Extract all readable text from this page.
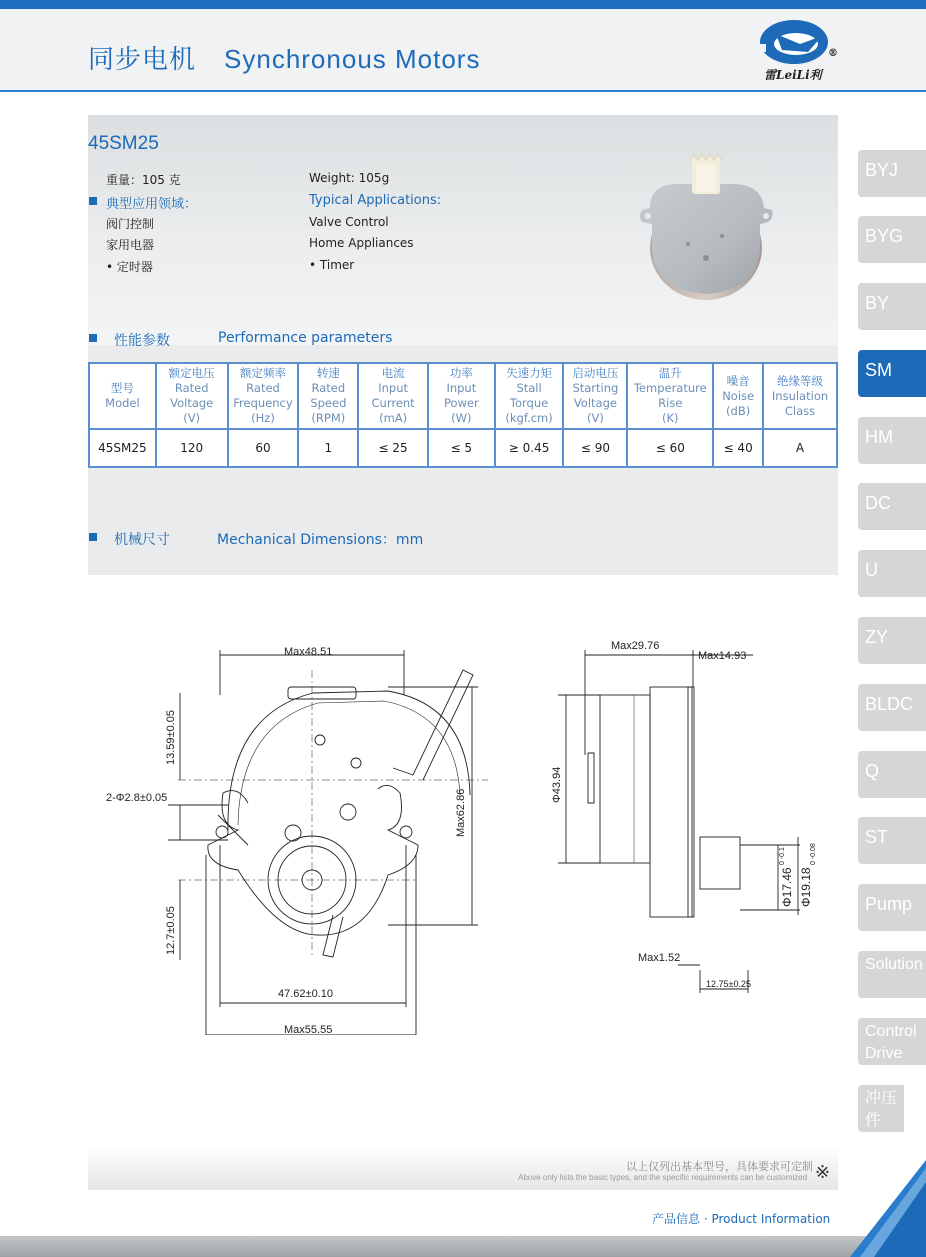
同步电机 Synchronous Motors
雷LeiLi利
®
45SM25
重量：105 克	Weight: 105g
典型应用领域：	Typical Applications:
阀门控制
家用电器
• 定时器
Valve Control
Home Appliances
• Timer
性能参数	Performance parameters
型号
Model	额定电压
Rated
Voltage
(V)	额定频率
Rated
Frequency
(Hz)	转速
Rated
Speed
(RPM)	电流
Input
Current
(mA)	功率
Input
Power
(W)	失速力矩
Stall
Torque
(kgf.cm)	启动电压
Starting
Voltage
(V)	温升
Temperature
Rise
(K)	噪音
Noise
(dB)	绝缘等级
Insulation
Class

45SM25	120	60	1	≤ 25	≤ 5	≥ 0.45	≤ 90	≤ 60	≤ 40	A
机械尺寸	Mechanical Dimensions：mm
Max48.51
Max62.86
47.62±0.10
Max55.55
13.59±0.05
2-Φ2.8±0.05
12.7±0.05
Max29.76
Max14.93
Φ43.94
Φ17.46
0 -0.1
Φ19.18
0 -0.08
Max1.52
12.75±0.25
以上仅列出基本型号，具体要求可定制
Above only lists the basic types, and the specific requirements can be customized ※
产品信息 · Product Information
BYJ
BYG
BY
SM
HM
DC
U
ZY
BLDC
Q
ST
Pump
Solution
Control Drive
冲压件
